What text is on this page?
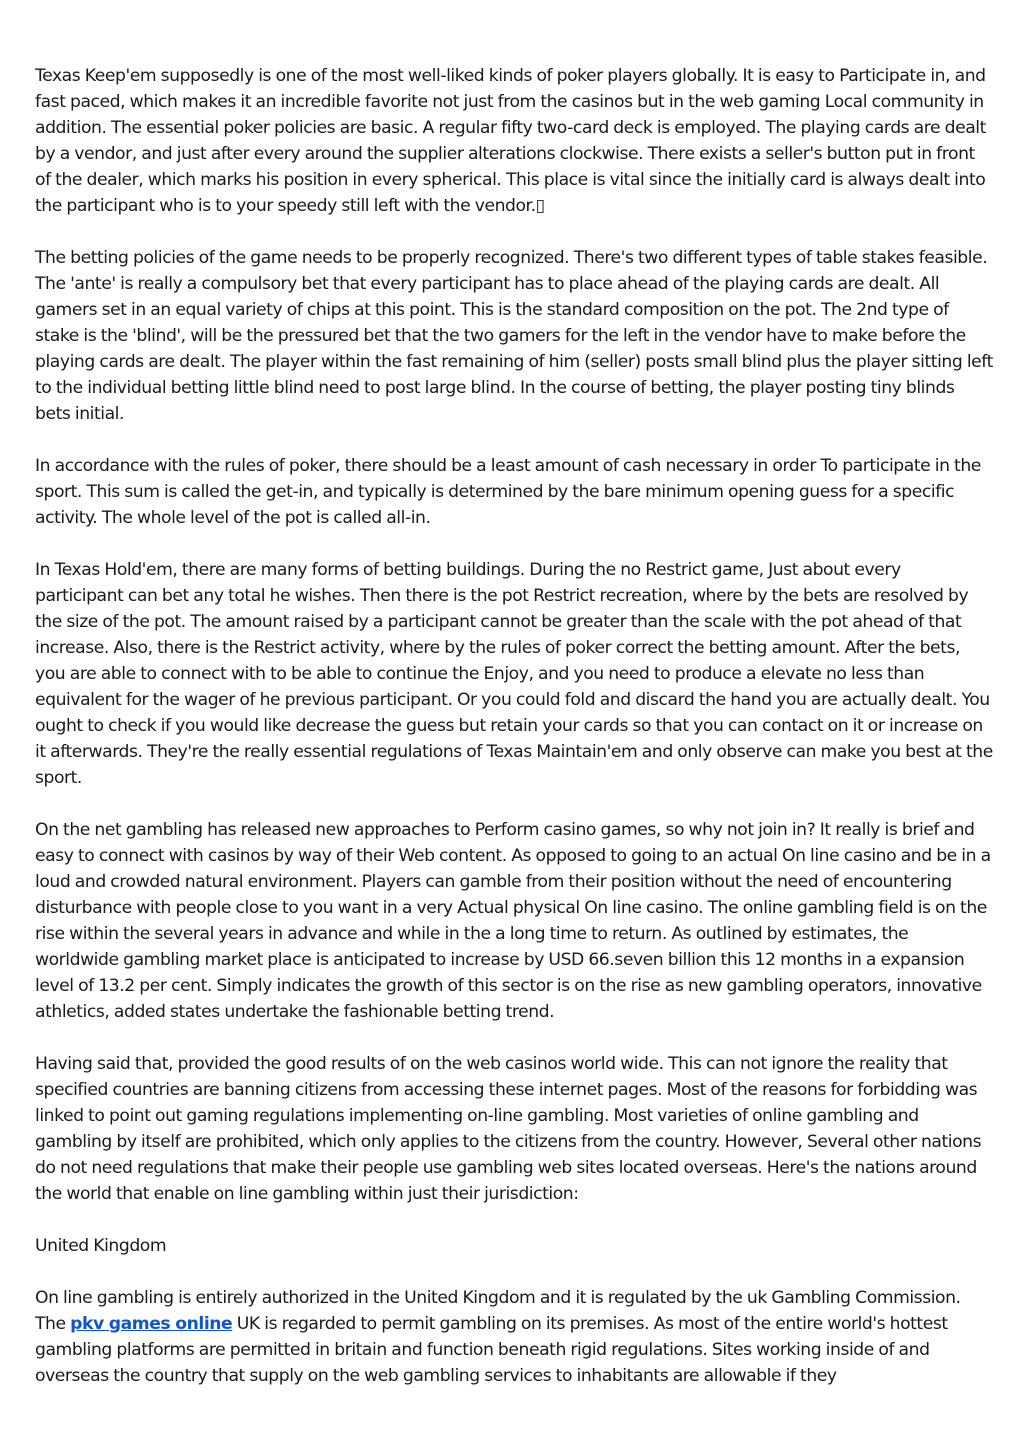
Texas Keep'em supposedly is one of the most well-liked kinds of poker players globally. It is easy to Participate in, and fast paced, which makes it an incredible favorite not just from the casinos but in the web gaming Local community in addition. The essential poker policies are basic. A regular fifty two-card deck is employed. The playing cards are dealt by a vendor, and just after every around the supplier alterations clockwise. There exists a seller's button put in front of the dealer, which marks his position in every spherical. This place is vital since the initially card is always dealt into the participant who is to your speedy still left with the vendor.▯

The betting policies of the game needs to be properly recognized. There's two different types of table stakes feasible. The 'ante' is really a compulsory bet that every participant has to place ahead of the playing cards are dealt. All gamers set in an equal variety of chips at this point. This is the standard composition on the pot. The 2nd type of stake is the 'blind', will be the pressured bet that the two gamers for the left in the vendor have to make before the playing cards are dealt. The player within the fast remaining of him (seller) posts small blind plus the player sitting left to the individual betting little blind need to post large blind. In the course of betting, the player posting tiny blinds bets initial.

In accordance with the rules of poker, there should be a least amount of cash necessary in order To participate in the sport. This sum is called the get-in, and typically is determined by the bare minimum opening guess for a specific activity. The whole level of the pot is called all-in.

In Texas Hold'em, there are many forms of betting buildings. During the no Restrict game, Just about every participant can bet any total he wishes. Then there is the pot Restrict recreation, where by the bets are resolved by the size of the pot. The amount raised by a participant cannot be greater than the scale with the pot ahead of that increase. Also, there is the Restrict activity, where by the rules of poker correct the betting amount. After the bets, you are able to connect with to be able to continue the Enjoy, and you need to produce a elevate no less than equivalent for the wager of he previous participant. Or you could fold and discard the hand you are actually dealt. You ought to check if you would like decrease the guess but retain your cards so that you can contact on it or increase on it afterwards. They're the really essential regulations of Texas Maintain'em and only observe can make you best at the sport.

On the net gambling has released new approaches to Perform casino games, so why not join in? It really is brief and easy to connect with casinos by way of their Web content. As opposed to going to an actual On line casino and be in a loud and crowded natural environment. Players can gamble from their position without the need of encountering disturbance with people close to you want in a very Actual physical On line casino. The online gambling field is on the rise within the several years in advance and while in the a long time to return. As outlined by estimates, the worldwide gambling market place is anticipated to increase by USD 66.seven billion this 12 months in a expansion level of 13.2 per cent. Simply indicates the growth of this sector is on the rise as new gambling operators, innovative athletics, added states undertake the fashionable betting trend.

Having said that, provided the good results of on the web casinos world wide. This can not ignore the reality that specified countries are banning citizens from accessing these internet pages. Most of the reasons for forbidding was linked to point out gaming regulations implementing on-line gambling. Most varieties of online gambling and gambling by itself are prohibited, which only applies to the citizens from the country. However, Several other nations do not need regulations that make their people use gambling web sites located overseas. Here's the nations around the world that enable on line gambling within just their jurisdiction:

United Kingdom

On line gambling is entirely authorized in the United Kingdom and it is regulated by the uk Gambling Commission. The pkv games online UK is regarded to permit gambling on its premises. As most of the entire world's hottest gambling platforms are permitted in britain and function beneath rigid regulations. Sites working inside of and overseas the country that supply on the web gambling services to inhabitants are allowable if they
